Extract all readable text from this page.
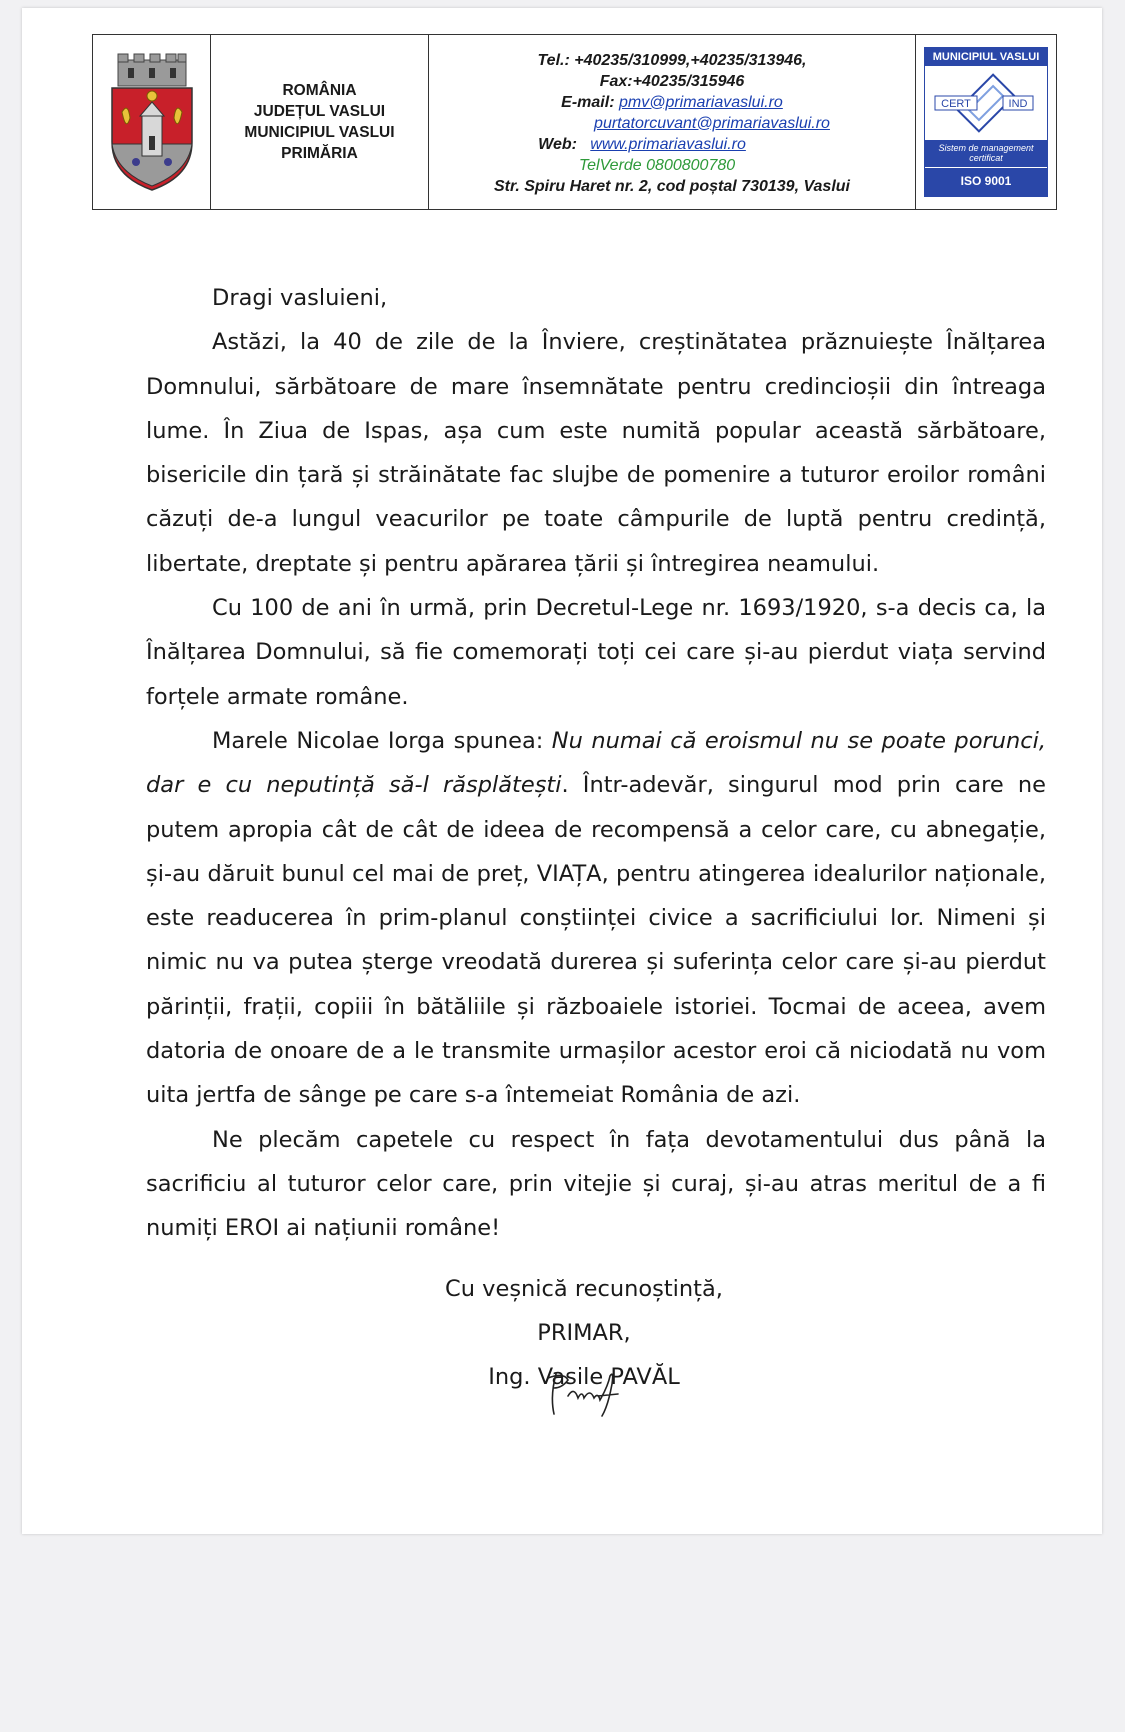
ROMÂNIA
JUDEȚUL VASLUI
MUNICIPIUL VASLUI
PRIMĂRIA
Tel.: +40235/310999,+40235/313946,
Fax:+40235/315946
E-mail: pmv@primariavaslui.ro
purtatorcuvant@primariavaslui.ro
Web: www.primariavaslui.ro
TelVerde 0800800780
Str. Spiru Haret nr. 2, cod poștal 730139, Vaslui
MUNICIPIUL VASLUI
CERT	IND
Sistem de management certificat
ISO 9001

Dragi vasluieni,

Astăzi, la 40 de zile de la Înviere, creștinătatea prăznuiește Înălțarea Domnului, sărbătoare de mare însemnătate pentru credincioșii din întreaga lume. În Ziua de Ispas, așa cum este numită popular această sărbătoare, bisericile din țară și străinătate fac slujbe de pomenire a tuturor eroilor români căzuți de-a lungul veacurilor pe toate câmpurile de luptă pentru credință, libertate, dreptate și pentru apărarea țării și întregirea neamului.

Cu 100 de ani în urmă, prin Decretul-Lege nr. 1693/1920, s-a decis ca, la Înălțarea Domnului, să fie comemorați toți cei care și-au pierdut viața servind forțele armate române.

Marele Nicolae Iorga spunea: Nu numai că eroismul nu se poate porunci, dar e cu neputință să-l răsplătești. Într-adevăr, singurul mod prin care ne putem apropia cât de cât de ideea de recompensă a celor care, cu abnegație, și-au dăruit bunul cel mai de preț, VIAȚA, pentru atingerea idealurilor naționale, este readucerea în prim-planul conștiinței civice a sacrificiului lor. Nimeni și nimic nu va putea șterge vreodată durerea și suferința celor care și-au pierdut părinții, frații, copiii în bătăliile și războaiele istoriei. Tocmai de aceea, avem datoria de onoare de a le transmite urmașilor acestor eroi că niciodată nu vom uita jertfa de sânge pe care s-a întemeiat România de azi.

Ne plecăm capetele cu respect în fața devotamentului dus până la sacrificiu al tuturor celor care, prin vitejie și curaj, și-au atras meritul de a fi numiți EROI ai națiunii române!

Cu veșnică recunoștință,
PRIMAR,
Ing. Vasile PAVĂL
